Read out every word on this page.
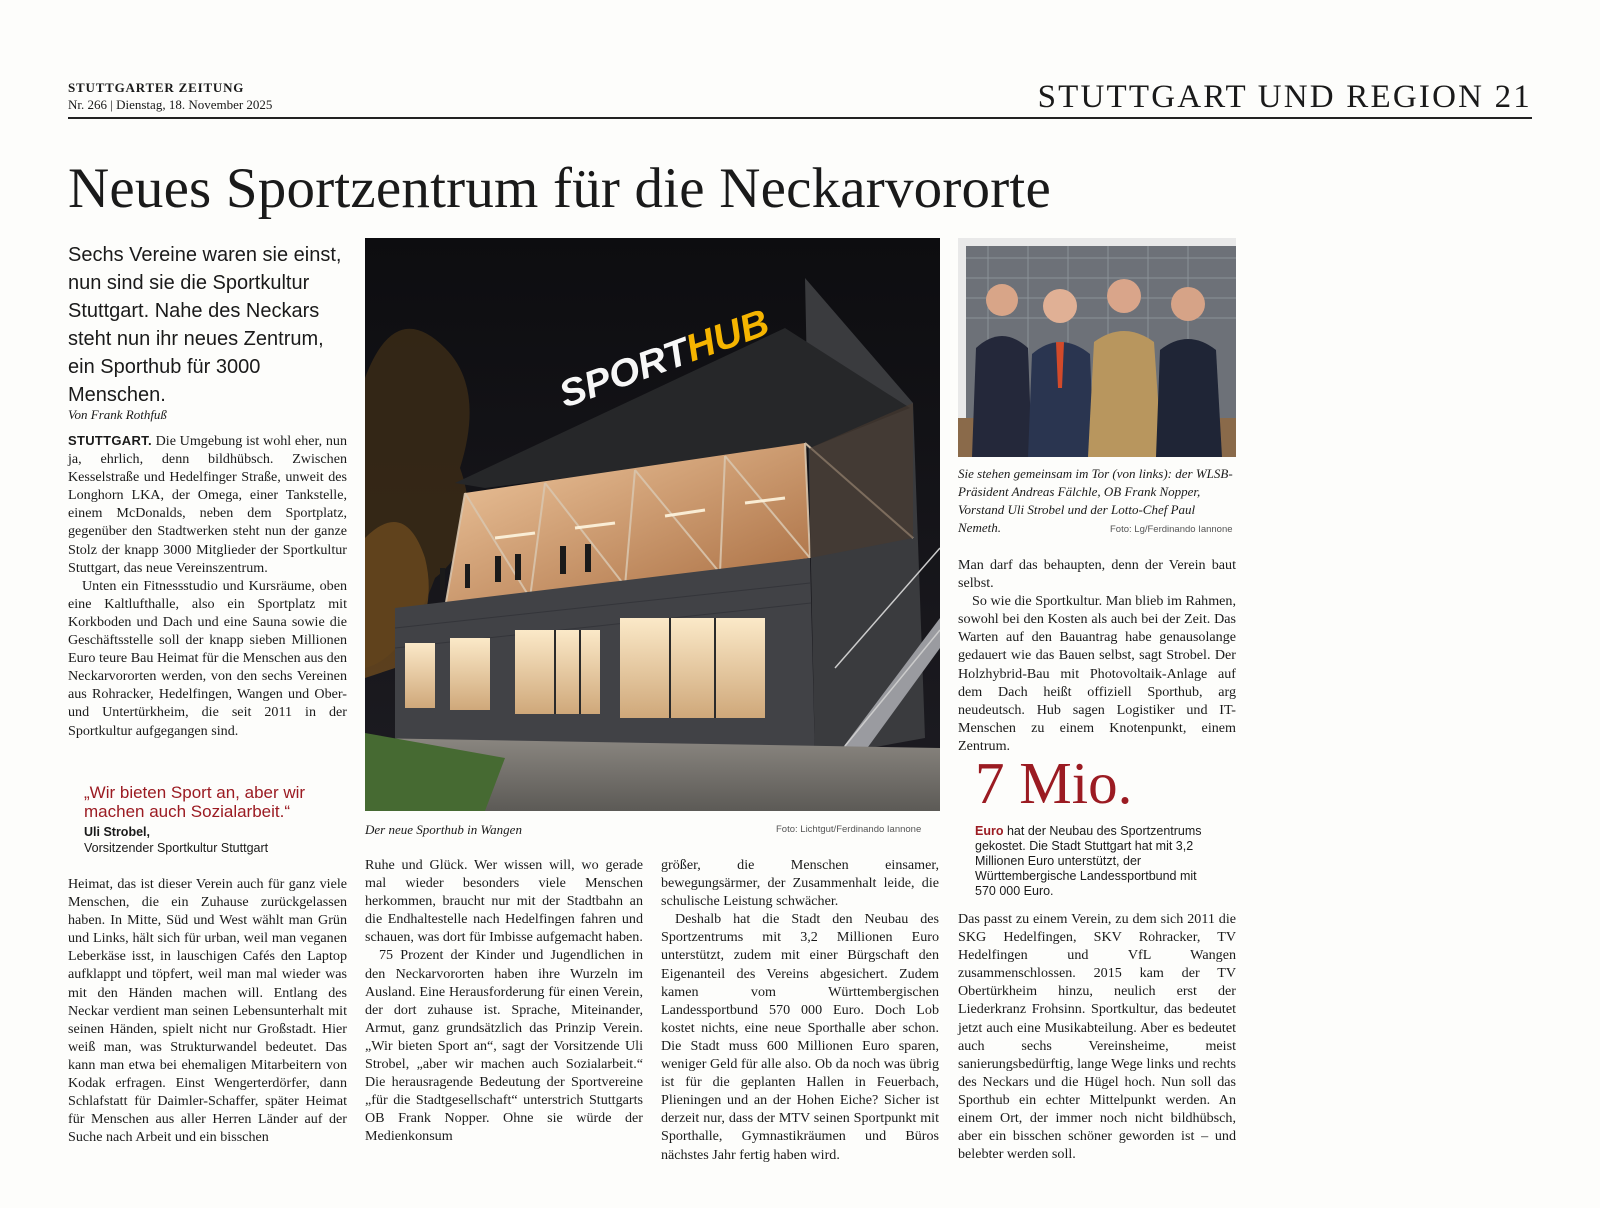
STUTTGARTER ZEITUNG
Nr. 266 | Dienstag, 18. November 2025	STUTTGART UND REGION 21
Neues Sportzentrum für die Neckarvororte
Sechs Vereine waren sie einst, nun sind sie die Sportkultur Stuttgart. Nahe des Neckars steht nun ihr neues Zentrum, ein Sporthub für 3000 Menschen.
Von Frank Rothfuß

STUTTGART. Die Umgebung ist wohl eher, nun ja, ehrlich, denn bildhübsch. Zwischen Kesselstraße und Hedelfinger Straße, unweit des Longhorn LKA, der Omega, einer Tankstelle, einem McDonalds, neben dem Sportplatz, gegenüber den Stadtwerken steht nun der ganze Stolz der knapp 3000 Mitglieder der Sportkultur Stuttgart, das neue Vereinszentrum.

Unten ein Fitnessstudio und Kursräume, oben eine Kaltlufthalle, also ein Sportplatz mit Korkboden und Dach und eine Sauna sowie die Geschäftsstelle soll der knapp sieben Millionen Euro teure Bau Heimat für die Menschen aus den Neckarvororten werden, von den sechs Vereinen aus Rohracker, Hedelfingen, Wangen und Ober- und Untertürkheim, die seit 2011 in der Sportkultur aufgegangen sind.

„Wir bieten Sport an, aber wir machen auch Sozialarbeit.“
Uli Strobel,
Vorsitzender Sportkultur Stuttgart

Heimat, das ist dieser Verein auch für ganz viele Menschen, die ein Zuhause zurückgelassen haben. In Mitte, Süd und West wählt man Grün und Links, hält sich für urban, weil man veganen Leberkäse isst, in lauschigen Cafés den Laptop aufklappt und töpfert, weil man mal wieder was mit den Händen machen will. Entlang des Neckar verdient man seinen Lebensunterhalt mit seinen Händen, spielt nicht nur Großstadt. Hier weiß man, was Strukturwandel bedeutet. Das kann man etwa bei ehemaligen Mitarbeitern von Kodak erfragen. Einst Wengerterdörfer, dann Schlafstatt für Daimler-Schaffer, später Heimat für Menschen aus aller Herren Länder auf der Suche nach Arbeit und ein bisschen

SPORTHUB
Der neue Sporthub in Wangen	Foto: Lichtgut/Ferdinando Iannone

Ruhe und Glück. Wer wissen will, wo gerade mal wieder besonders viele Menschen herkommen, braucht nur mit der Stadtbahn an die Endhaltestelle nach Hedelfingen fahren und schauen, was dort für Imbisse aufgemacht haben.

75 Prozent der Kinder und Jugendlichen in den Neckarvororten haben ihre Wurzeln im Ausland. Eine Herausforderung für einen Verein, der dort zuhause ist. Sprache, Miteinander, Armut, ganz grundsätzlich das Prinzip Verein. „Wir bieten Sport an“, sagt der Vorsitzende Uli Strobel, „aber wir machen auch Sozialarbeit.“ Die herausragende Bedeutung der Sportvereine „für die Stadtgesellschaft“ unterstrich Stuttgarts OB Frank Nopper. Ohne sie würde der Medienkonsum

größer, die Menschen einsamer, bewegungsärmer, der Zusammenhalt leide, die schulische Leistung schwächer.

Deshalb hat die Stadt den Neubau des Sportzentrums mit 3,2 Millionen Euro unterstützt, zudem mit einer Bürgschaft den Eigenanteil des Vereins abgesichert. Zudem kamen vom Württembergischen Landessportbund 570 000 Euro. Doch Lob kostet nichts, eine neue Sporthalle aber schon. Die Stadt muss 600 Millionen Euro sparen, weniger Geld für alle also. Ob da noch was übrig ist für die geplanten Hallen in Feuerbach, Plieningen und an der Hohen Eiche? Sicher ist derzeit nur, dass der MTV seinen Sportpunkt mit Sporthalle, Gymnastikräumen und Büros nächstes Jahr fertig haben wird.

Sie stehen gemeinsam im Tor (von links): der WLSB-Präsident Andreas Fälchle, OB Frank Nopper, Vorstand Uli Strobel und der Lotto-Chef Paul Nemeth.	Foto: Lg/Ferdinando Iannone

Man darf das behaupten, denn der Verein baut selbst.

So wie die Sportkultur. Man blieb im Rahmen, sowohl bei den Kosten als auch bei der Zeit. Das Warten auf den Bauantrag habe genausolange gedauert wie das Bauen selbst, sagt Strobel. Der Holzhybrid-Bau mit Photovoltaik-Anlage auf dem Dach heißt offiziell Sporthub, arg neudeutsch. Hub sagen Logistiker und IT-Menschen zu einem Knotenpunkt, einem Zentrum.

7 Mio.
Euro hat der Neubau des Sportzentrums gekostet. Die Stadt Stuttgart hat mit 3,2 Millionen Euro unterstützt, der Württembergische Landessportbund mit 570 000 Euro.

Das passt zu einem Verein, zu dem sich 2011 die SKG Hedelfingen, SKV Rohracker, TV Hedelfingen und VfL Wangen zusammenschlossen. 2015 kam der TV Obertürkheim hinzu, neulich erst der Liederkranz Frohsinn. Sportkultur, das bedeutet jetzt auch eine Musikabteilung. Aber es bedeutet auch sechs Vereinsheime, meist sanierungsbedürftig, lange Wege links und rechts des Neckars und die Hügel hoch. Nun soll das Sporthub ein echter Mittelpunkt werden. An einem Ort, der immer noch nicht bildhübsch, aber ein bisschen schöner geworden ist – und belebter werden soll.
